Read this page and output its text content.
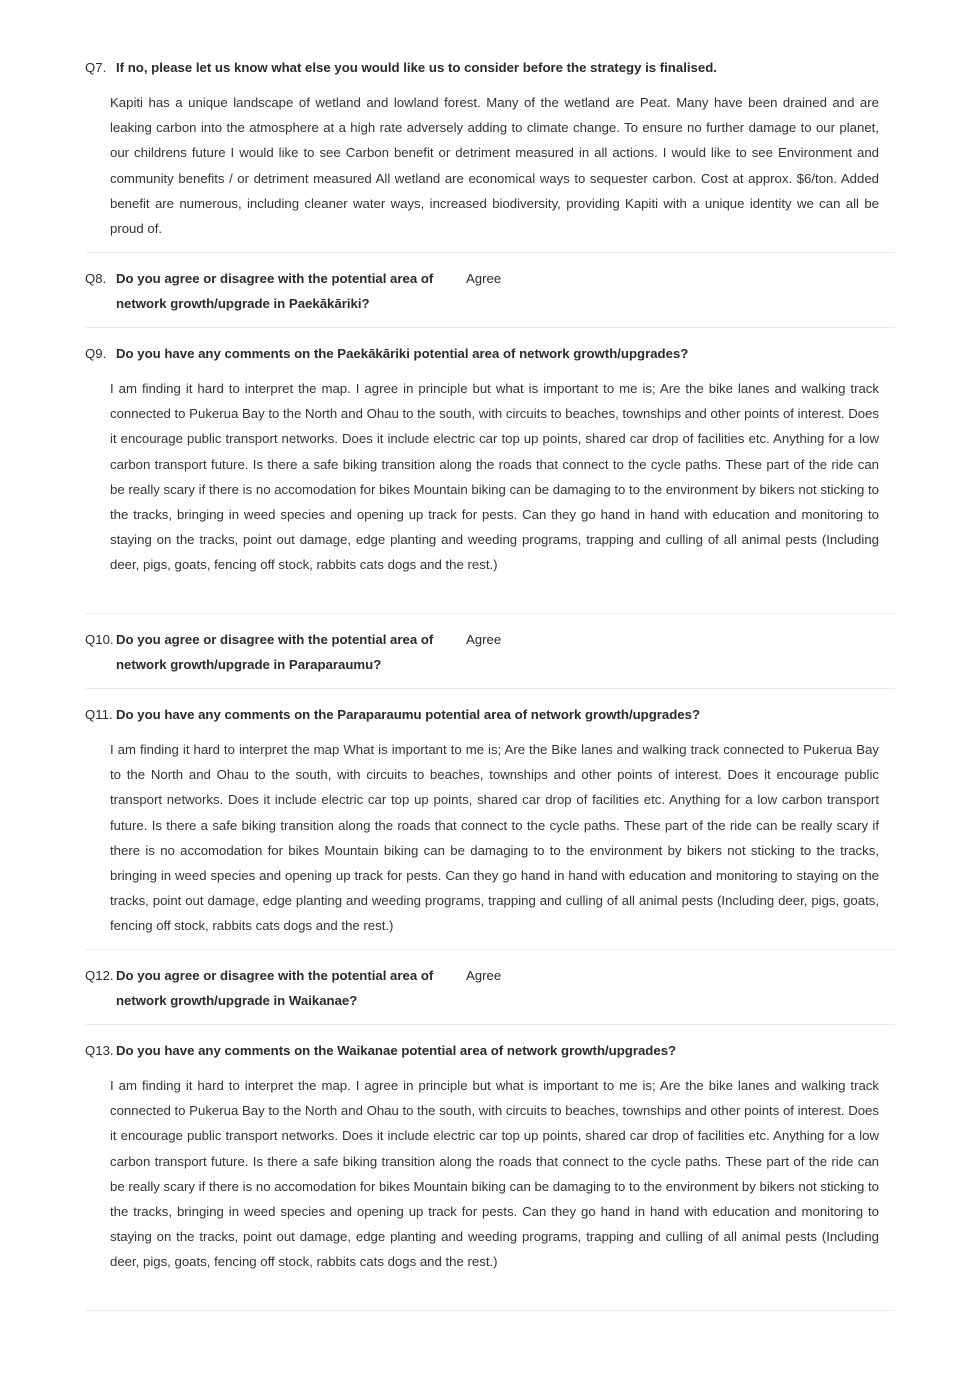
Q7. If no, please let us know what else you would like us to consider before the strategy is finalised.
Kapiti has a unique landscape of wetland and lowland forest. Many of the wetland are Peat. Many have been drained and are leaking carbon into the atmosphere at a high rate adversely adding to climate change. To ensure no further damage to our planet, our childrens future I would like to see Carbon benefit or detriment measured in all actions. I would like to see Environment and community benefits / or detriment measured All wetland are economical ways to sequester carbon. Cost at approx. $6/ton. Added benefit are numerous, including cleaner water ways, increased biodiversity, providing Kapiti with a unique identity we can all be proud of.
Q8. Do you agree or disagree with the potential area of network growth/upgrade in Paekākāriki?
Agree
Q9. Do you have any comments on the Paekākāriki potential area of network growth/upgrades?
I am finding it hard to interpret the map. I agree in principle but what is important to me is; Are the bike lanes and walking track connected to Pukerua Bay to the North and Ohau to the south, with circuits to beaches, townships and other points of interest. Does it encourage public transport networks. Does it include electric car top up points, shared car drop of facilities etc. Anything for a low carbon transport future. Is there a safe biking transition along the roads that connect to the cycle paths. These part of the ride can be really scary if there is no accomodation for bikes Mountain biking can be damaging to to the environment by bikers not sticking to the tracks, bringing in weed species and opening up track for pests. Can they go hand in hand with education and monitoring to staying on the tracks, point out damage, edge planting and weeding programs, trapping and culling of all animal pests (Including deer, pigs, goats, fencing off stock, rabbits cats dogs and the rest.)
Q10. Do you agree or disagree with the potential area of network growth/upgrade in Paraparaumu?
Agree
Q11. Do you have any comments on the Paraparaumu potential area of network growth/upgrades?
I am finding it hard to interpret the map What is important to me is; Are the Bike lanes and walking track connected to Pukerua Bay to the North and Ohau to the south, with circuits to beaches, townships and other points of interest. Does it encourage public transport networks. Does it include electric car top up points, shared car drop of facilities etc. Anything for a low carbon transport future. Is there a safe biking transition along the roads that connect to the cycle paths. These part of the ride can be really scary if there is no accomodation for bikes Mountain biking can be damaging to to the environment by bikers not sticking to the tracks, bringing in weed species and opening up track for pests. Can they go hand in hand with education and monitoring to staying on the tracks, point out damage, edge planting and weeding programs, trapping and culling of all animal pests (Including deer, pigs, goats, fencing off stock, rabbits cats dogs and the rest.)
Q12. Do you agree or disagree with the potential area of network growth/upgrade in Waikanae?
Agree
Q13. Do you have any comments on the Waikanae potential area of network growth/upgrades?
I am finding it hard to interpret the map. I agree in principle but what is important to me is; Are the bike lanes and walking track connected to Pukerua Bay to the North and Ohau to the south, with circuits to beaches, townships and other points of interest. Does it encourage public transport networks. Does it include electric car top up points, shared car drop of facilities etc. Anything for a low carbon transport future. Is there a safe biking transition along the roads that connect to the cycle paths. These part of the ride can be really scary if there is no accomodation for bikes Mountain biking can be damaging to to the environment by bikers not sticking to the tracks, bringing in weed species and opening up track for pests. Can they go hand in hand with education and monitoring to staying on the tracks, point out damage, edge planting and weeding programs, trapping and culling of all animal pests (Including deer, pigs, goats, fencing off stock, rabbits cats dogs and the rest.)
